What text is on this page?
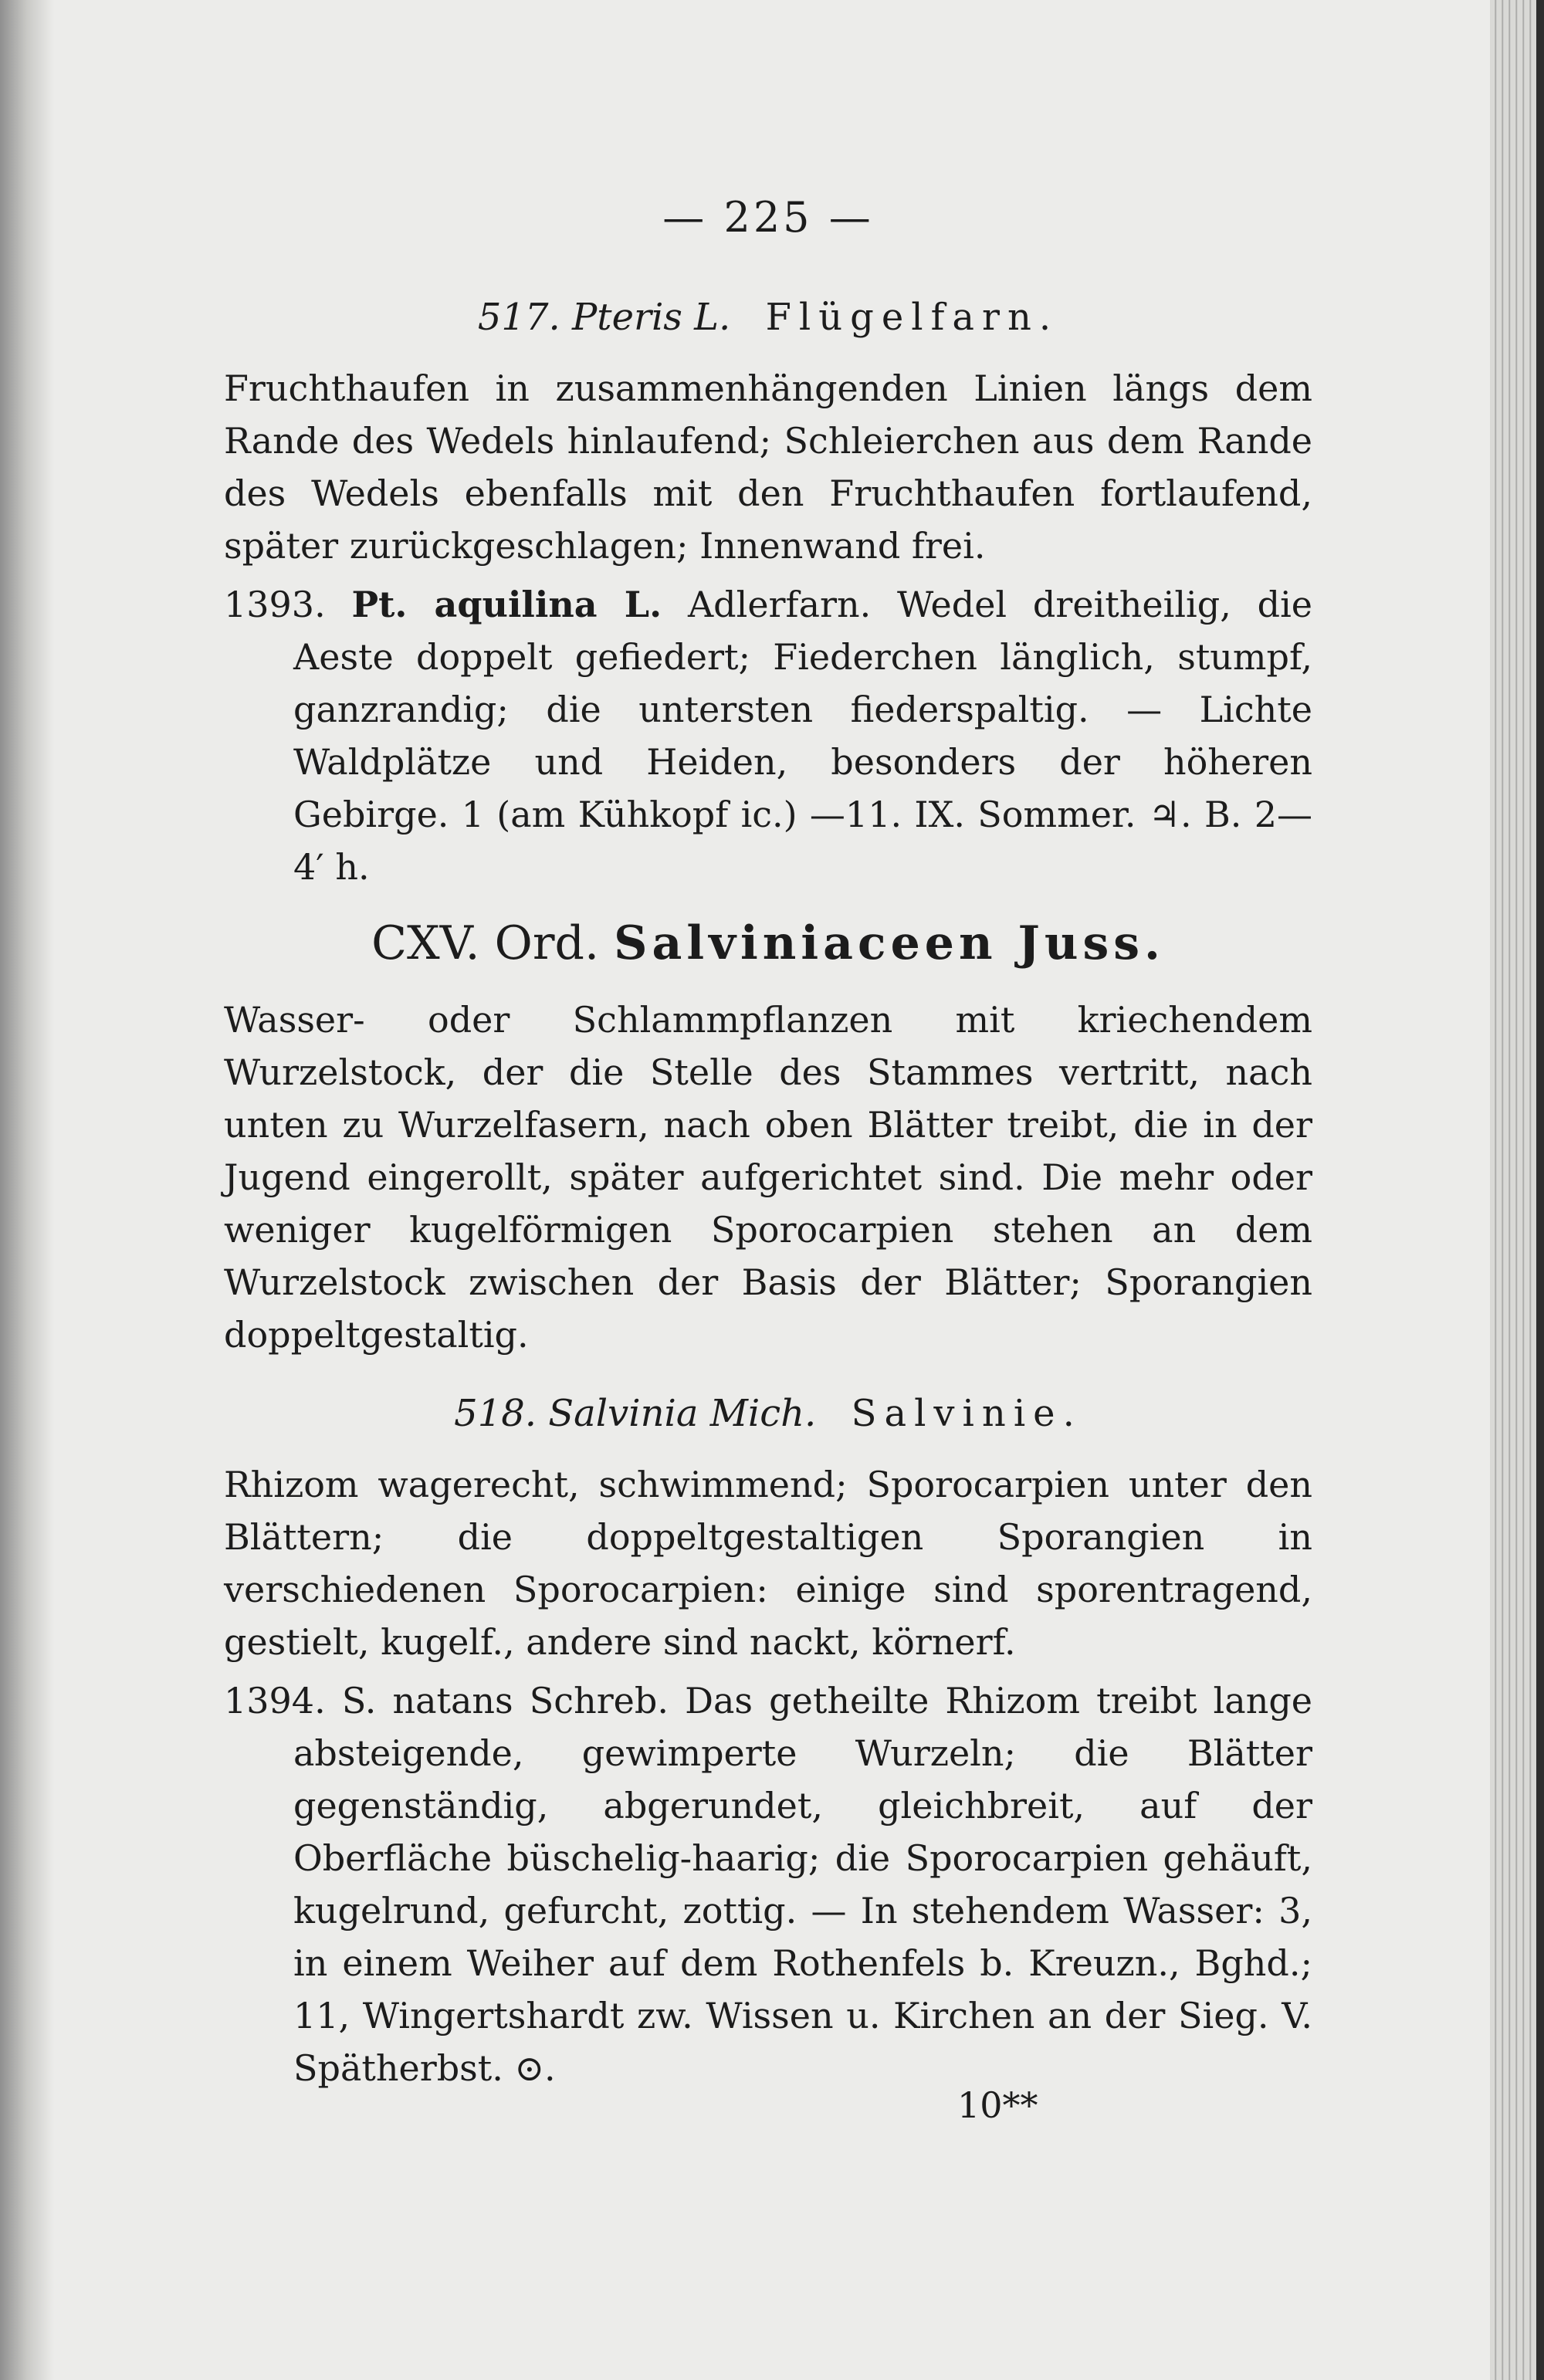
— 225 —
517. Pteris L. Flügelfarn.

Fruchthaufen in zusammenhängenden Linien längs dem Rande des Wedels hinlaufend; Schleierchen aus dem Rande des Wedels ebenfalls mit den Fruchthaufen fortlaufend, später zurückgeschlagen; Innenwand frei.

1393. Pt. aquilina L. Adlerfarn. Wedel dreitheilig, die Aeste doppelt gefiedert; Fiederchen länglich, stumpf, ganzrandig; die untersten fiederspaltig. — Lichte Waldplätze und Heiden, besonders der höheren Gebirge. 1 (am Kühkopf ic.) —11. IX. Sommer. ♃. B. 2—4′ h.

CXV. Ord. Salviniaceen Juss.

Wasser- oder Schlammpflanzen mit kriechendem Wurzelstock, der die Stelle des Stammes vertritt, nach unten zu Wurzelfasern, nach oben Blätter treibt, die in der Jugend eingerollt, später aufgerichtet sind. Die mehr oder weniger kugelförmigen Sporocarpien stehen an dem Wurzelstock zwischen der Basis der Blätter; Sporangien doppeltgestaltig.

518. Salvinia Mich. Salvinie.

Rhizom wagerecht, schwimmend; Sporocarpien unter den Blättern; die doppeltgestaltigen Sporangien in verschiedenen Sporocarpien: einige sind sporentragend, gestielt, kugelf., andere sind nackt, körnerf.

1394. S. natans Schreb. Das getheilte Rhizom treibt lange absteigende, gewimperte Wurzeln; die Blätter gegenständig, abgerundet, gleichbreit, auf der Oberfläche büschelig-haarig; die Sporocarpien gehäuft, kugelrund, gefurcht, zottig. — In stehendem Wasser: 3, in einem Weiher auf dem Rothenfels b. Kreuzn., Bghd.; 11, Wingertshardt zw. Wissen u. Kirchen an der Sieg. V. Spätherbst. ⊙.

10**
